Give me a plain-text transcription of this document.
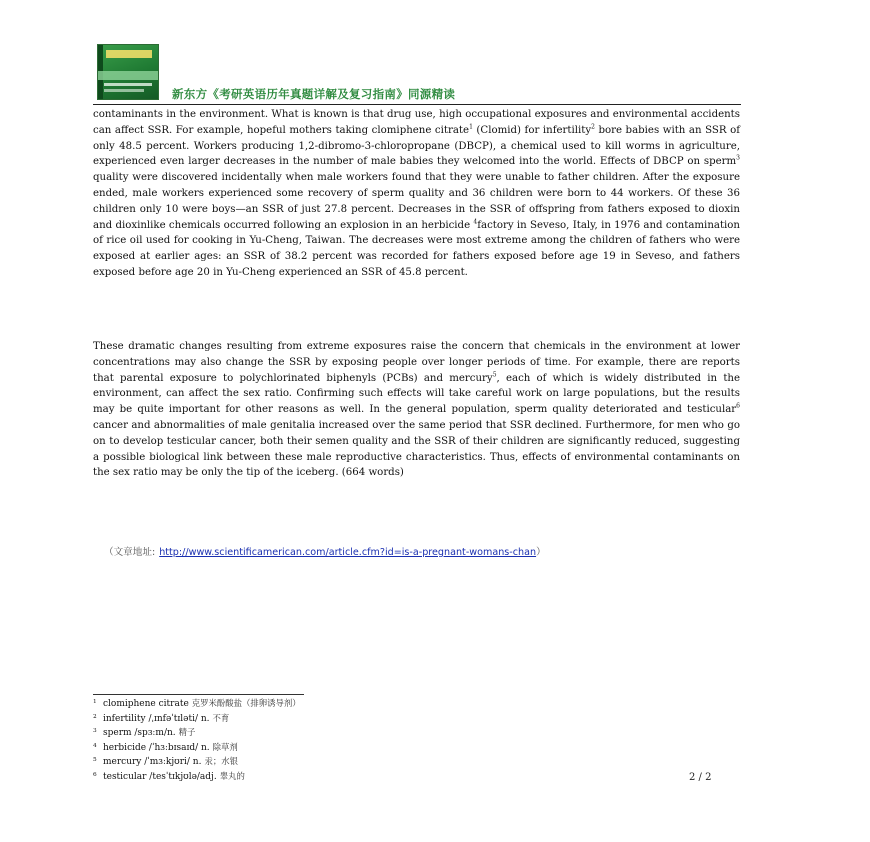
新东方《考研英语历年真题详解及复习指南》同源精读

contaminants in the environment. What is known is that drug use, high occupational exposures and environmental accidents can affect SSR. For example, hopeful mothers taking clomiphene citrate$^1$ (Clomid) for infertility$^2$ bore babies with an SSR of only 48.5 percent. Workers producing 1,2-dibromo-3-chloropropane (DBCP), a chemical used to kill worms in agriculture, experienced even larger decreases in the number of male babies they welcomed into the world. Effects of DBCP on sperm$^3$ quality were discovered incidentally when male workers found that they were unable to father children. After the exposure ended, male workers experienced some recovery of sperm quality and 36 children were born to 44 workers. Of these 36 children only 10 were boys—an SSR of just 27.8 percent. Decreases in the SSR of offspring from fathers exposed to dioxin and dioxinlike chemicals occurred following an explosion in an herbicide $^4$factory in Seveso, Italy, in 1976 and contamination of rice oil used for cooking in Yu-Cheng, Taiwan. The decreases were most extreme among the children of fathers who were exposed at earlier ages: an SSR of 38.2 percent was recorded for fathers exposed before age 19 in Seveso, and fathers exposed before age 20 in Yu-Cheng experienced an SSR of 45.8 percent.

These dramatic changes resulting from extreme exposures raise the concern that chemicals in the environment at lower concentrations may also change the SSR by exposing people over longer periods of time. For example, there are reports that parental exposure to polychlorinated biphenyls (PCBs) and mercury$^5$, each of which is widely distributed in the environment, can affect the sex ratio. Confirming such effects will take careful work on large populations, but the results may be quite important for other reasons as well. In the general population, sperm quality deteriorated and testicular$^6$ cancer and abnormalities of male genitalia increased over the same period that SSR declined. Furthermore, for men who go on to develop testicular cancer, both their semen quality and the SSR of their children are significantly reduced, suggesting a possible biological link between these male reproductive characteristics. Thus, effects of environmental contaminants on the sex ratio may be only the tip of the iceberg. (664 words)

（文章地址: http://www.scientificamerican.com/article.cfm?id=is-a-pregnant-womans-chan）
1 clomiphene citrate 克罗米酚酸盐（排卵诱导剂）
2 infertility /ˌɪnfəˈtɪləti/ n. 不育
3 sperm /spɜːm/n. 精子
4 herbicide /ˈhɜːbɪsaɪd/ n. 除草剂
5 mercury /ˈmɜːkjʊri/ n. 汞；水银
6 testicular /tesˈtɪkjʊlə/adj. 睾丸的	2 / 2
